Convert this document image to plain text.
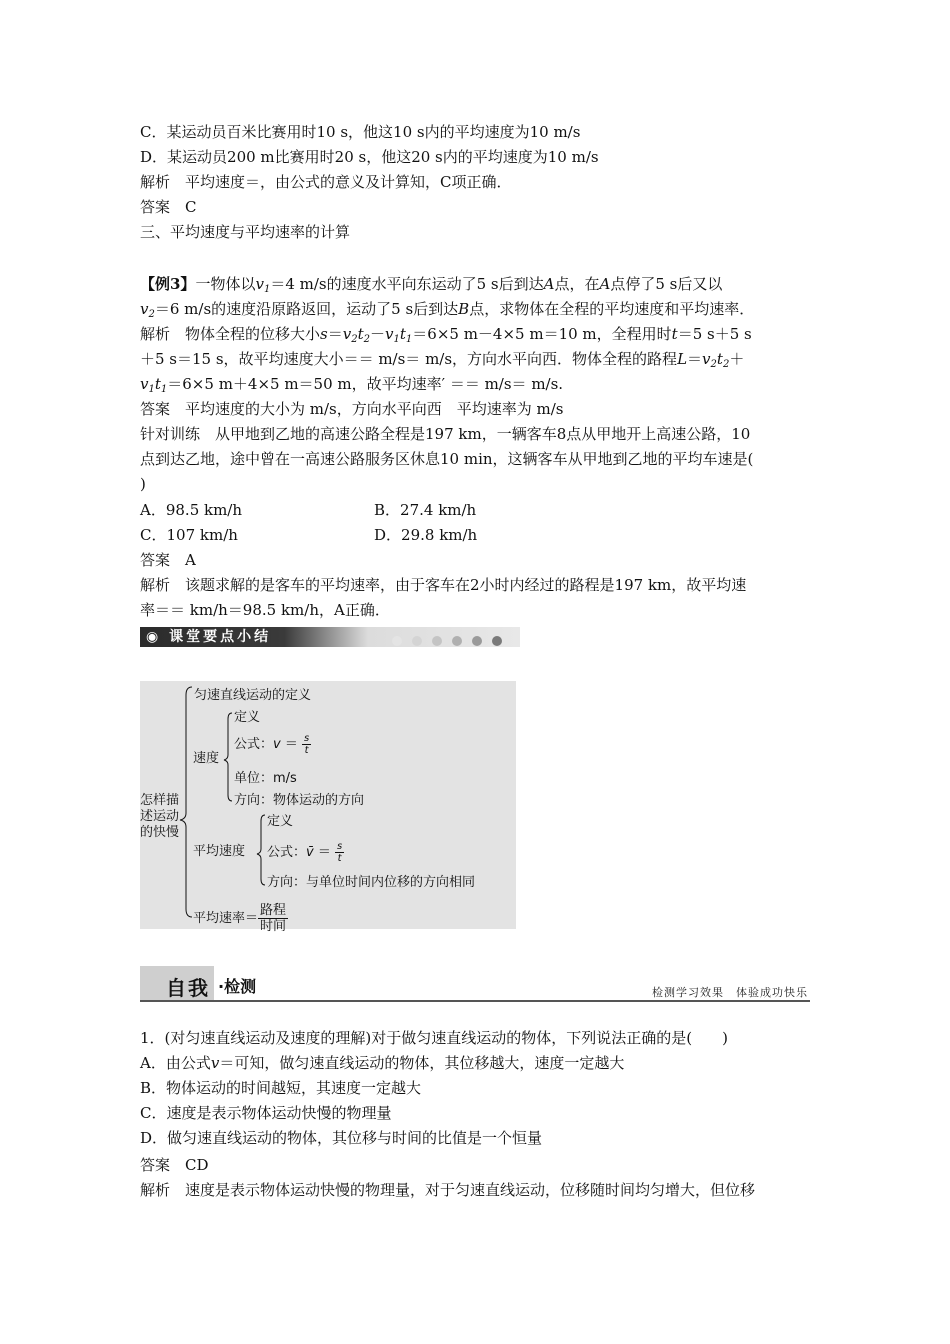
C．某运动员百米比赛用时10 s，他这10 s内的平均速度为10 m/s
D．某运动员200 m比赛用时20 s，他这20 s内的平均速度为10 m/s
解析　平均速度＝，由公式的意义及计算知，C项正确．
答案　C
三、平均速度与平均速率的计算
【例3】一物体以$v_1=4$ m/s的速度水平向东运动了5 s后到达A点，在A点停了5 s后又以
$v_2=6$ m/s的速度沿原路返回，运动了5 s后到达B点，求物体在全程的平均速度和平均速率．
解析　物体全程的位移大小$s=v_2t_2-v_1t_1=6\times 5$ m－4×5 m＝10 m，全程用时t＝5 s＋5 s
＋5 s＝15 s，故平均速度大小＝＝ m/s＝ m/s，方向水平向西．物体全程的路程$L=v_2t_2+$
$v_1t_1=6\times 5$ m＋4×5 m＝50 m，故平均速率′ ＝＝ m/s＝ m/s.
答案　平均速度的大小为 m/s，方向水平向西　平均速率为 m/s
针对训练　从甲地到乙地的高速公路全程是197 km，一辆客车8点从甲地开上高速公路，10
点到达乙地，途中曾在一高速公路服务区休息10 min，这辆客车从甲地到乙地的平均车速是(
)
A．98.5 km/h	B．27.4 km/h
C．107 km/h	D．29.8 km/h
答案　A
解析　该题求解的是客车的平均速率，由于客车在2小时内经过的路程是197 km，故平均速
率＝＝ km/h＝98.5 km/h，A正确．
◉ 课堂要点小结
怎样描
述运动
的快慢
匀速直线运动的定义
速度
定义
公式：$v = \frac{s}{t}$
单位：m/s
方向：物体运动的方向
平均速度
定义
公式：v̄ ＝ $\frac{s}{t}$
方向：与单位时间内位移的方向相同
平均速率＝ $\frac{\text{路程}}{\text{时间}}$
自我 ·检测	检测学习效果　体验成功快乐
1．(对匀速直线运动及速度的理解)对于做匀速直线运动的物体，下列说法正确的是(　　)
A．由公式v＝可知，做匀速直线运动的物体，其位移越大，速度一定越大
B．物体运动的时间越短，其速度一定越大
C．速度是表示物体运动快慢的物理量
D．做匀速直线运动的物体，其位移与时间的比值是一个恒量
答案　CD
解析　速度是表示物体运动快慢的物理量，对于匀速直线运动，位移随时间均匀增大，但位移
